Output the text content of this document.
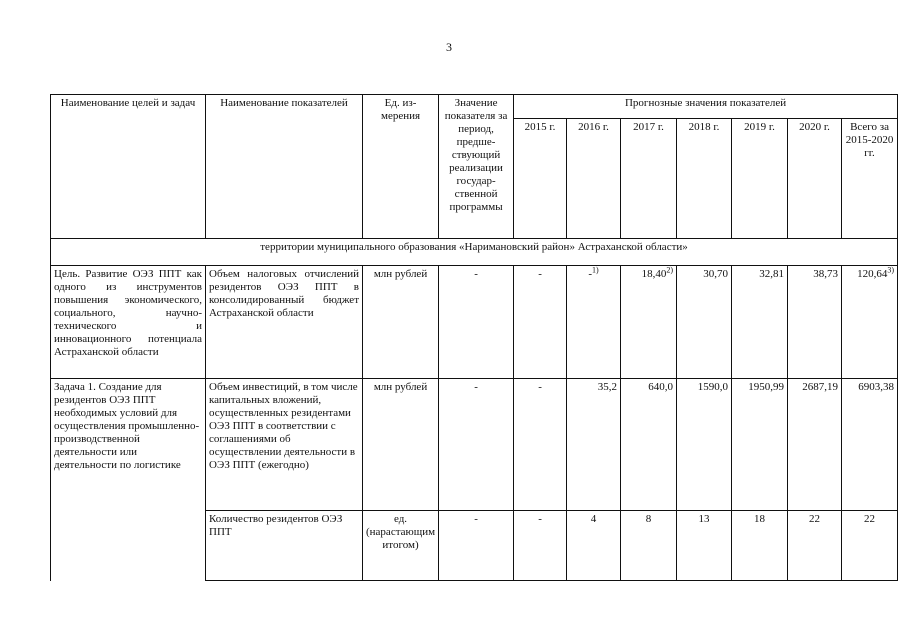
3
Наименование целей и задач	Наименование показателей	Ед. из-мерения	Значение показателя за период, предше-ствующий реализации государ-ственной программы	Прогнозные значения показателей						
				2015 г.	2016 г.	2017 г.	2018 г.	2019 г.	2020 г.	Всего за 2015-2020 гг.
территории муниципального образования «Наримановский район» Астраханской области»										
Цель. Развитие ОЭЗ ППТ как одного из инструментов повышения экономического, социального, научно-технического и инновационного потенциала Астраханской области	Объем налоговых отчислений резидентов ОЭЗ ППТ в консолидированный бюджет Астраханской области	млн рублей	-	-	-$^{1)}$	18,40$^{2)}$	30,70	32,81	38,73	120,64$^{3)}$
Задача 1. Создание для резидентов ОЭЗ ППТ необходимых условий для осуществления промышленно-производственной деятельности или деятельности по логистике	Объем инвестиций, в том числе капитальных вложений, осуществленных резидентами ОЭЗ ППТ в соответствии с соглашениями об осуществлении деятельности в ОЭЗ ППТ (ежегодно)	млн рублей	-	-	35,2	640,0	1590,0	1950,99	2687,19	6903,38
	Количество резидентов ОЭЗ ППТ	ед. (нарастающим итогом)	-	-	4	8	13	18	22	22
